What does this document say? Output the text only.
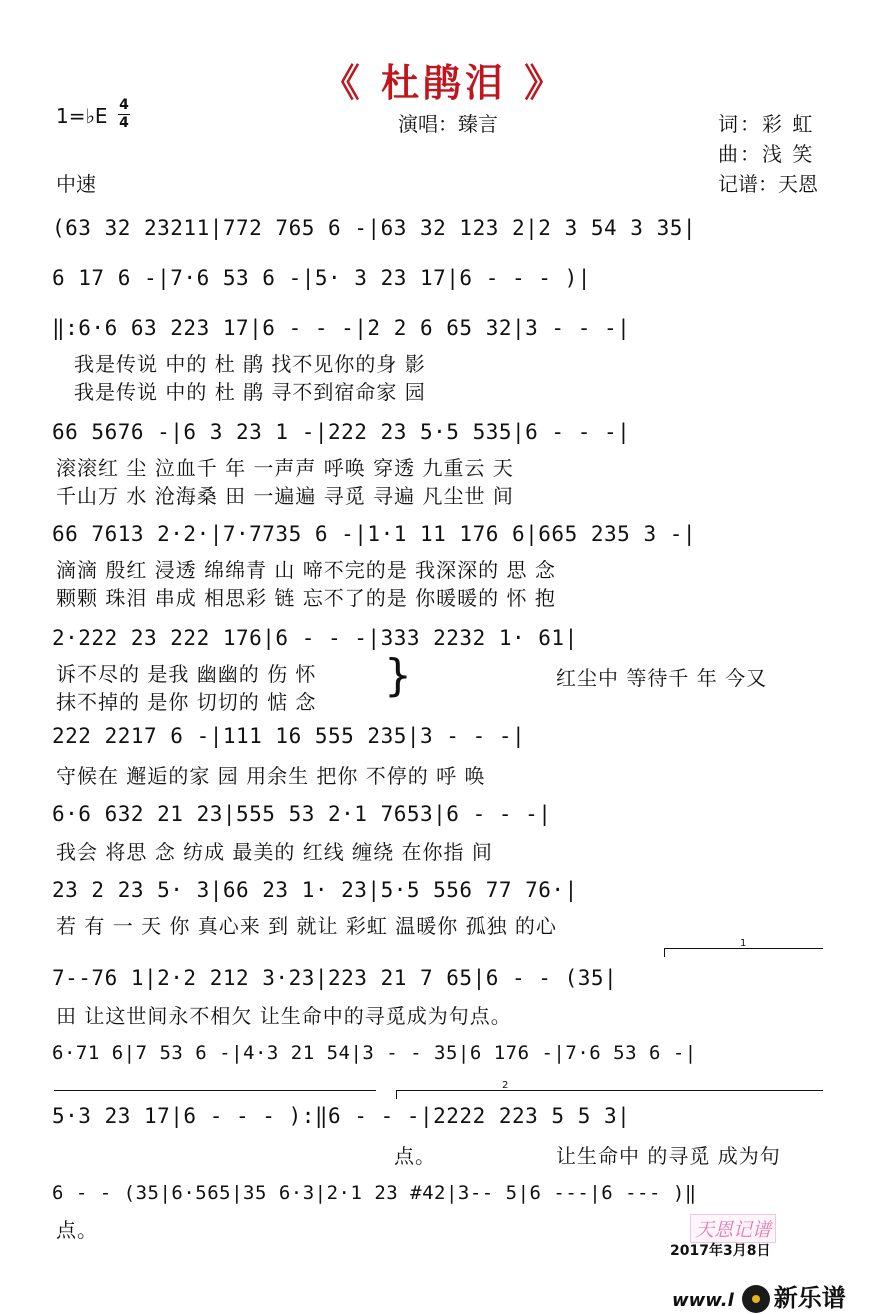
《 杜鹃泪 》
1=♭E 4
4	演唱：臻言	词：彩 虹
曲：浅 笑
记谱：天恩
中速
(63 32 23211|772 765 6 -|63 32 123 2|2 3 54 3 35|
6 17 6 -|7·6 53 6 -|5· 3 23 17|6 - - - )|
‖:6·6 63 223 17|6 - - -|2 2 6 65 32|3 - - -|
我是传说 中的 杜 鹃 找不见你的身 影
我是传说 中的 杜 鹃 寻不到宿命家 园
66 5676 -|6 3 23 1 -|222 23 5·5 535|6 - - -|
滚滚红 尘 泣血千 年 一声声 呼唤 穿透 九重云 天
千山万 水 沧海桑 田 一遍遍 寻觅 寻遍 凡尘世 间
66 7613 2·2·|7·7735 6 -|1·1 11 176 6|665 235 3 -|
滴滴 殷红 浸透 绵绵青 山 啼不完的是 我深深的 思 念
颗颗 珠泪 串成 相思彩 链 忘不了的是 你暖暖的 怀 抱
2·222 23 222 176|6 - - -|333 2232 1· 61|
诉不尽的 是我 幽幽的 伤 怀
抹不掉的 是你 切切的 惦 念
}	红尘中 等待千 年 今又
222 2217 6 -|111 16 555 235|3 - - -|
守候在 邂逅的家 园 用余生 把你 不停的 呼 唤
6·6 632 21 23|555 53 2·1 7653|6 - - -|
我会 将思 念 纺成 最美的 红线 缠绕 在你指 间
23 2 23 5· 3|66 23 1· 23|5·5 556 77 76·|
若 有 一 天 你 真心来 到 就让 彩虹 温暖你 孤独 的心
1
7--76 1|2·2 212 3·23|223 21 7 65|6 - - (35|
田 让这世间永不相欠 让生命中的寻觅成为句点。
6·71 6|7 53 6 -|4·3 21 54|3 - - 35|6 176 -|7·6 53 6 -|
2
5·3 23 17|6 - - - ):‖6 - - -|2222 223 5 5 3|
点。	让生命中 的寻觅 成为句
6 - - (35|6·565|35 6·3|2·1 23 #42|3-- 5|6 ---|6 --- )‖
点。	天恩记谱
2017年3月8日
www.l 新乐谱
